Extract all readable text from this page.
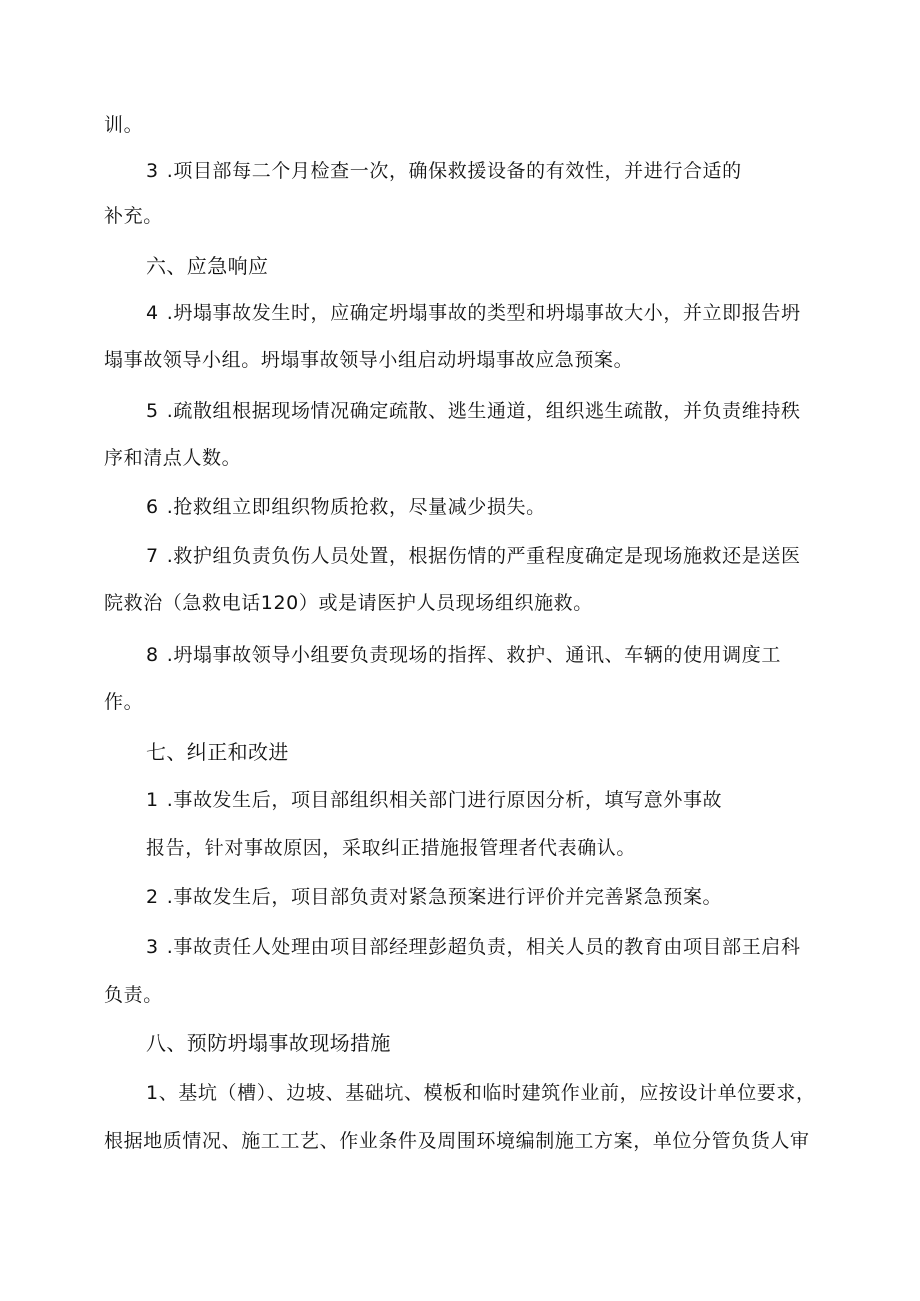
训。
3 .项目部每二个月检查一次，确保救援设备的有效性，并进行合适的
补充。
六、应急响应
4 .坍塌事故发生时，应确定坍塌事故的类型和坍塌事故大小，并立即报告坍
塌事故领导小组。坍塌事故领导小组启动坍塌事故应急预案。
5 .疏散组根据现场情况确定疏散、逃生通道，组织逃生疏散，并负责维持秩
序和清点人数。
6 .抢救组立即组织物质抢救，尽量减少损失。
7 .救护组负责负伤人员处置，根据伤情的严重程度确定是现场施救还是送医
院救治（急救电话120）或是请医护人员现场组织施救。
8 .坍塌事故领导小组要负责现场的指挥、救护、通讯、车辆的使用调度工
作。
七、纠正和改进
1 .事故发生后，项目部组织相关部门进行原因分析，填写意外事故
报告，针对事故原因，采取纠正措施报管理者代表确认。
2 .事故发生后，项目部负责对紧急预案进行评价并完善紧急预案。
3 .事故责任人处理由项目部经理彭超负责，相关人员的教育由项目部王启科
负责。
八、预防坍塌事故现场措施
1、基坑（槽）、边坡、基础坑、模板和临时建筑作业前，应按设计单位要求，
根据地质情况、施工工艺、作业条件及周围环境编制施工方案，单位分管负货人审
